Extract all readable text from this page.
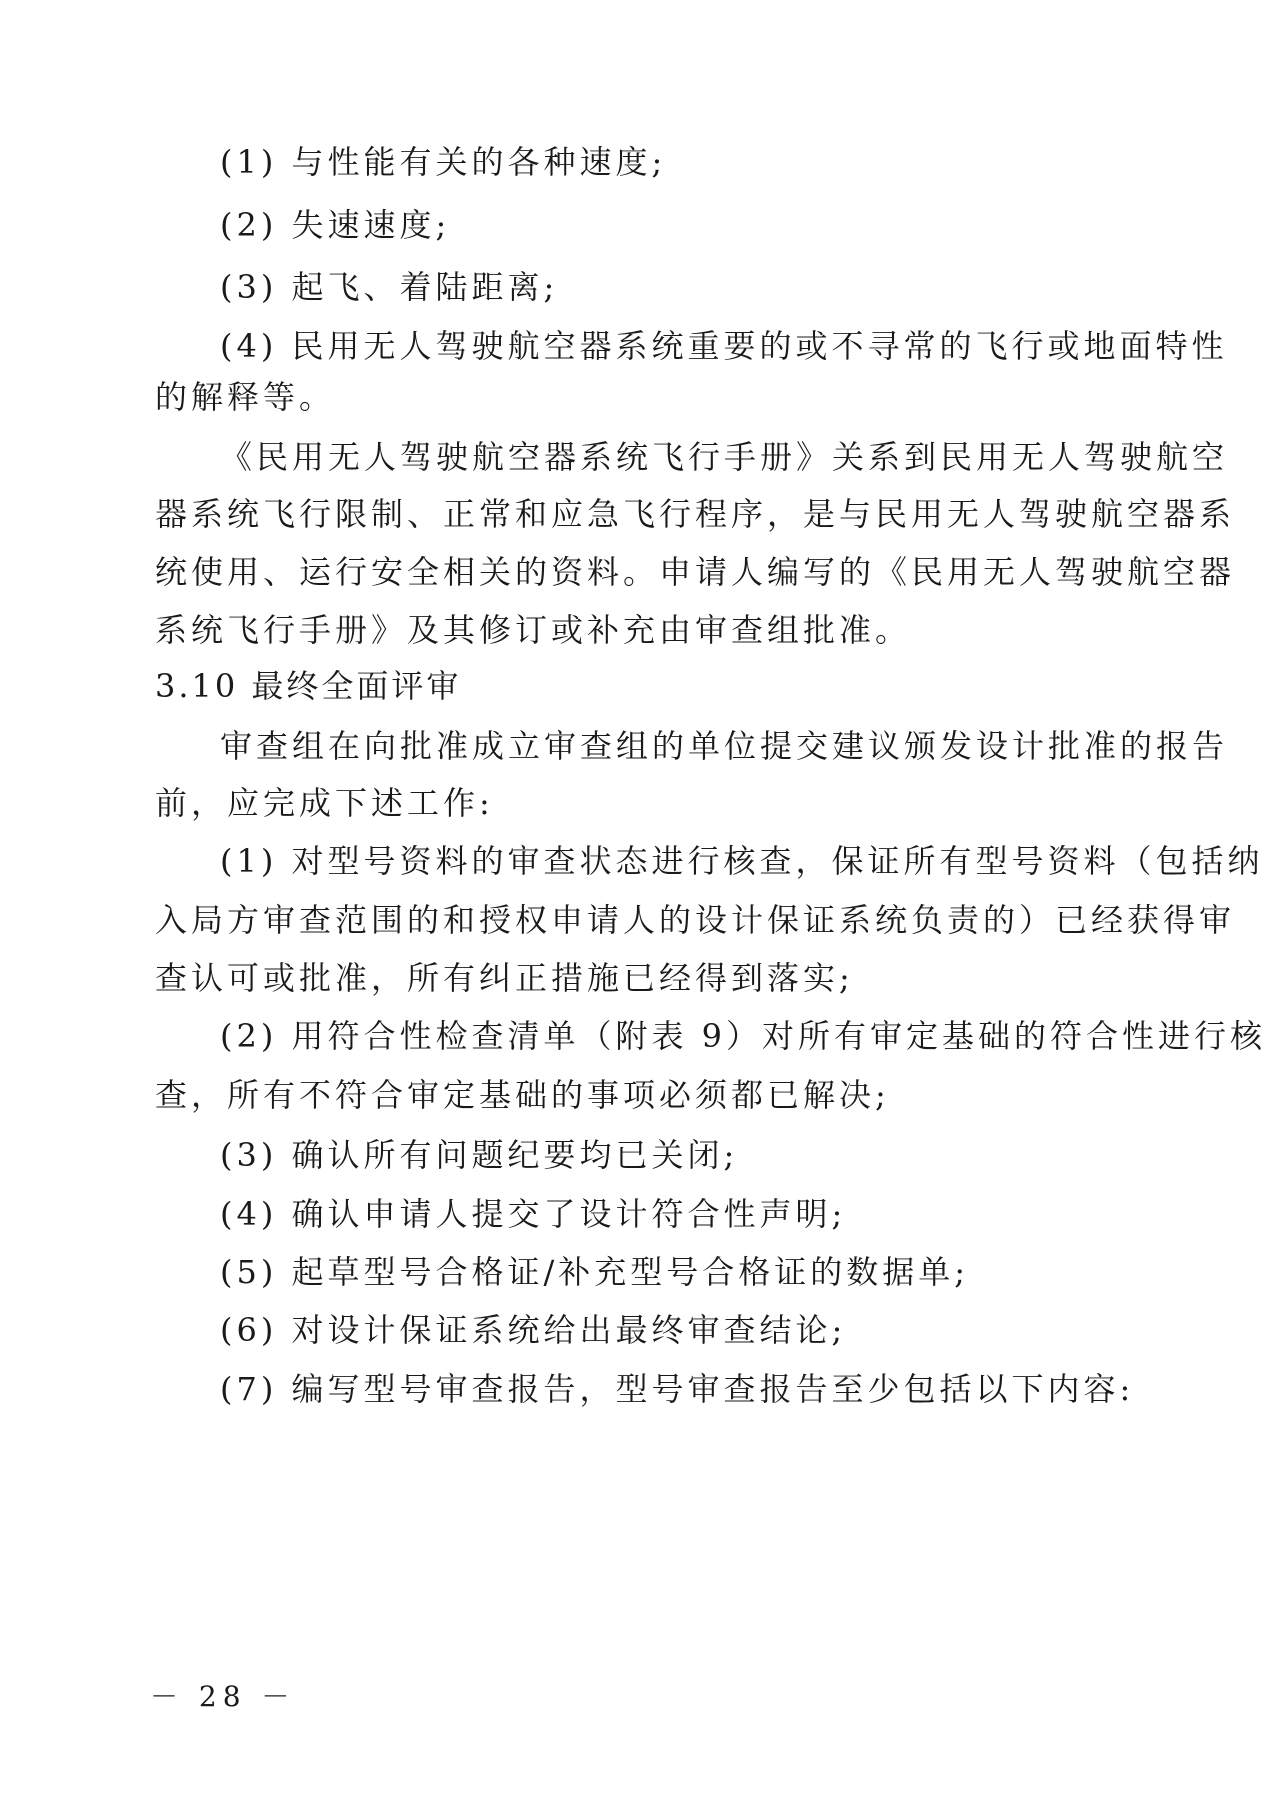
(1) 与性能有关的各种速度;
(2) 失速速度;
(3) 起飞、着陆距离;
(4) 民用无人驾驶航空器系统重要的或不寻常的飞行或地面特性
的解释等。
《民用无人驾驶航空器系统飞行手册》关系到民用无人驾驶航空
器系统飞行限制、正常和应急飞行程序，是与民用无人驾驶航空器系
统使用、运行安全相关的资料。申请人编写的《民用无人驾驶航空器
系统飞行手册》及其修订或补充由审查组批准。
3.10 最终全面评审
审查组在向批准成立审查组的单位提交建议颁发设计批准的报告
前，应完成下述工作:
(1) 对型号资料的审查状态进行核查，保证所有型号资料（包括纳
入局方审查范围的和授权申请人的设计保证系统负责的）已经获得审
查认可或批准，所有纠正措施已经得到落实;
(2) 用符合性检查清单（附表 9）对所有审定基础的符合性进行核
查，所有不符合审定基础的事项必须都已解决;
(3) 确认所有问题纪要均已关闭;
(4) 确认申请人提交了设计符合性声明;
(5) 起草型号合格证/补充型号合格证的数据单;
(6) 对设计保证系统给出最终审查结论;
(7) 编写型号审查报告，型号审查报告至少包括以下内容:
－ 28 －
